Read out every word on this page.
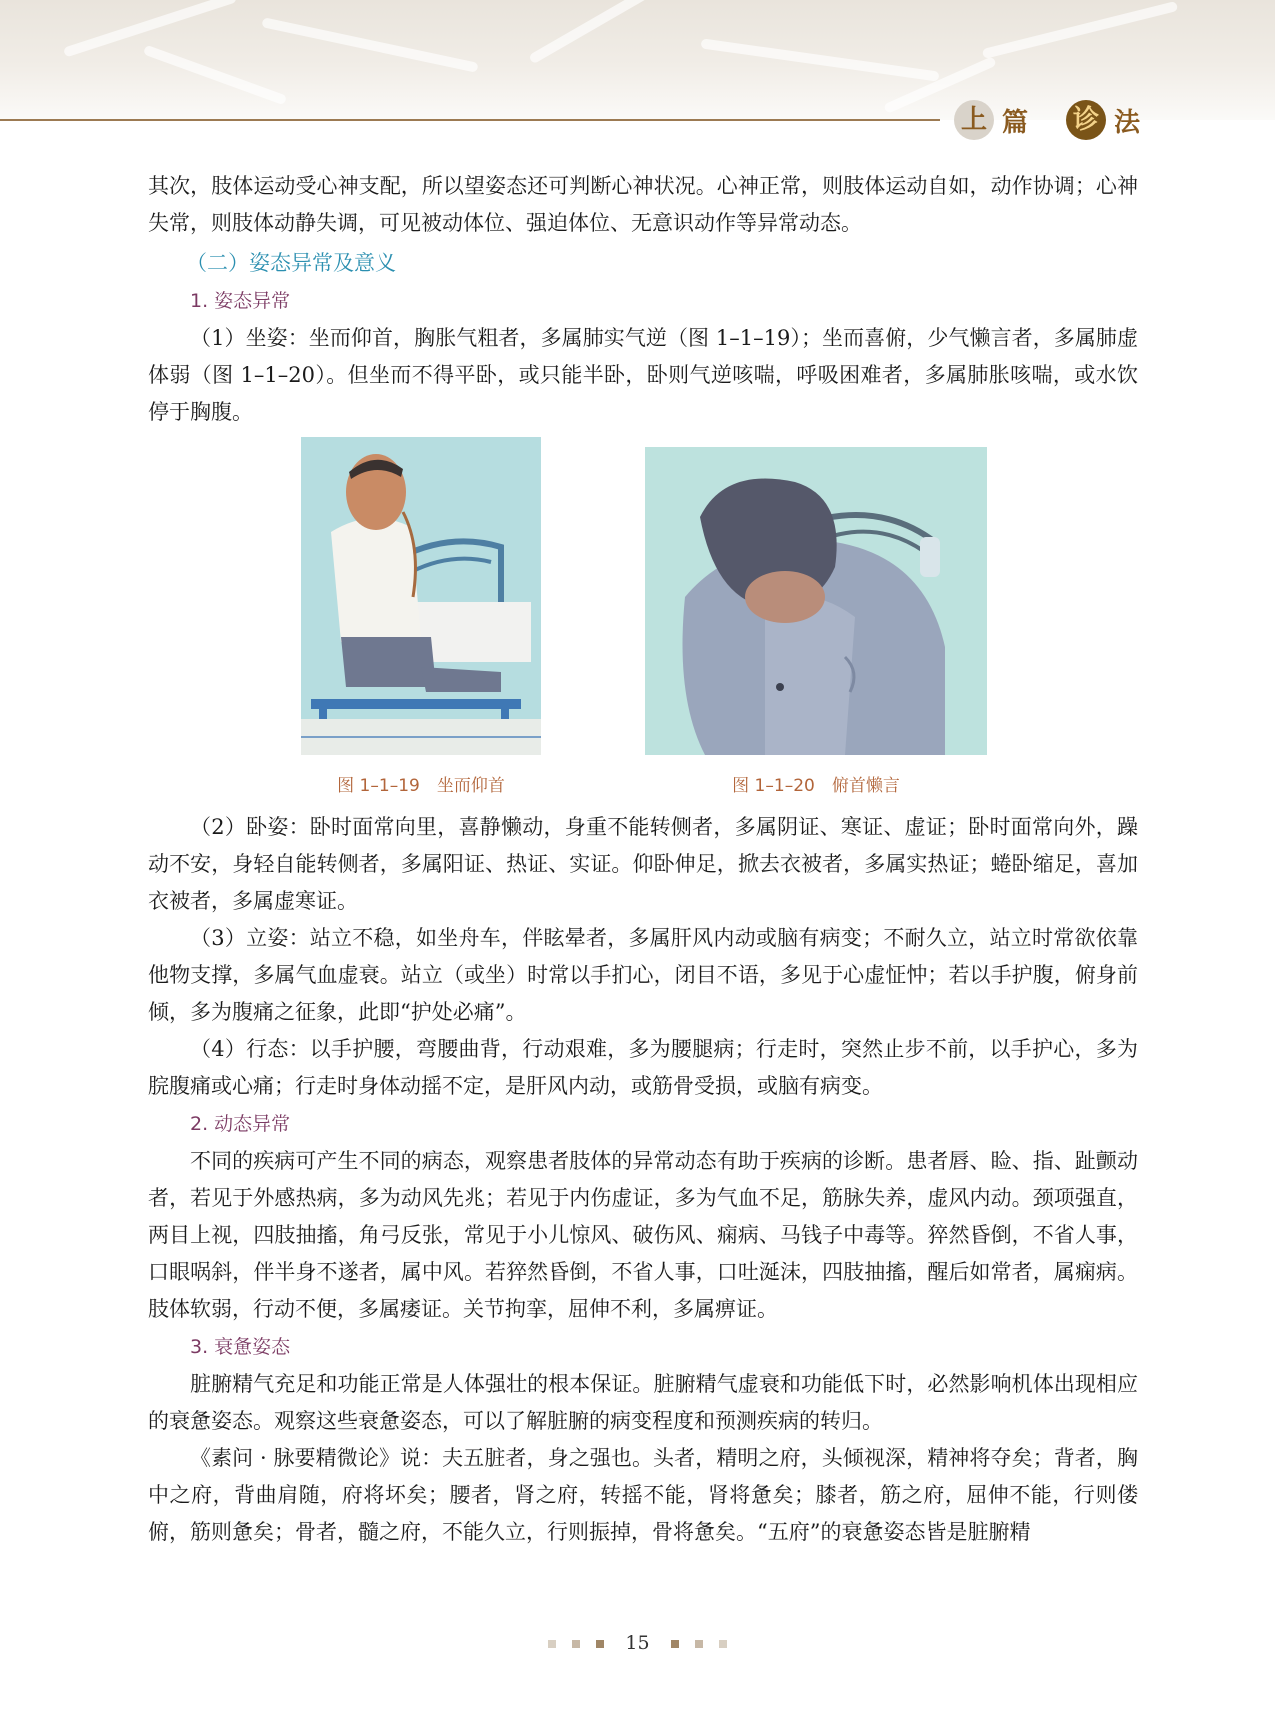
上 篇 诊 法

其次，肢体运动受心神支配，所以望姿态还可判断心神状况。心神正常，则肢体运动自如，动作协调；心神失常，则肢体动静失调，可见被动体位、强迫体位、无意识动作等异常动态。

（二）姿态异常及意义
1. 姿态异常

（1）坐姿：坐而仰首，胸胀气粗者，多属肺实气逆（图 1–1–19）；坐而喜俯，少气懒言者，多属肺虚体弱（图 1–1–20）。但坐而不得平卧，或只能半卧，卧则气逆咳喘，呼吸困难者，多属肺胀咳喘，或水饮停于胸腹。

图 1–1–19　坐而仰首	图 1–1–20　俯首懒言

（2）卧姿：卧时面常向里，喜静懒动，身重不能转侧者，多属阴证、寒证、虚证；卧时面常向外，躁动不安，身轻自能转侧者，多属阳证、热证、实证。仰卧伸足，掀去衣被者，多属实热证；蜷卧缩足，喜加衣被者，多属虚寒证。

（3）立姿：站立不稳，如坐舟车，伴眩晕者，多属肝风内动或脑有病变；不耐久立，站立时常欲依靠他物支撑，多属气血虚衰。站立（或坐）时常以手扪心，闭目不语，多见于心虚怔忡；若以手护腹，俯身前倾，多为腹痛之征象，此即“护处必痛”。

（4）行态：以手护腰，弯腰曲背，行动艰难，多为腰腿病；行走时，突然止步不前，以手护心，多为脘腹痛或心痛；行走时身体动摇不定，是肝风内动，或筋骨受损，或脑有病变。

2. 动态异常

不同的疾病可产生不同的病态，观察患者肢体的异常动态有助于疾病的诊断。患者唇、睑、指、趾颤动者，若见于外感热病，多为动风先兆；若见于内伤虚证，多为气血不足，筋脉失养，虚风内动。颈项强直，两目上视，四肢抽搐，角弓反张，常见于小儿惊风、破伤风、痫病、马钱子中毒等。猝然昏倒，不省人事，口眼㖞斜，伴半身不遂者，属中风。若猝然昏倒，不省人事，口吐涎沫，四肢抽搐，醒后如常者，属痫病。肢体软弱，行动不便，多属痿证。关节拘挛，屈伸不利，多属痹证。

3. 衰惫姿态

脏腑精气充足和功能正常是人体强壮的根本保证。脏腑精气虚衰和功能低下时，必然影响机体出现相应的衰惫姿态。观察这些衰惫姿态，可以了解脏腑的病变程度和预测疾病的转归。

《素问 · 脉要精微论》说：夫五脏者，身之强也。头者，精明之府，头倾视深，精神将夺矣；背者，胸中之府，背曲肩随，府将坏矣；腰者，肾之府，转摇不能，肾将惫矣；膝者，筋之府，屈伸不能，行则偻俯，筋则惫矣；骨者，髓之府，不能久立，行则振掉，骨将惫矣。“五府”的衰惫姿态皆是脏腑精

15
